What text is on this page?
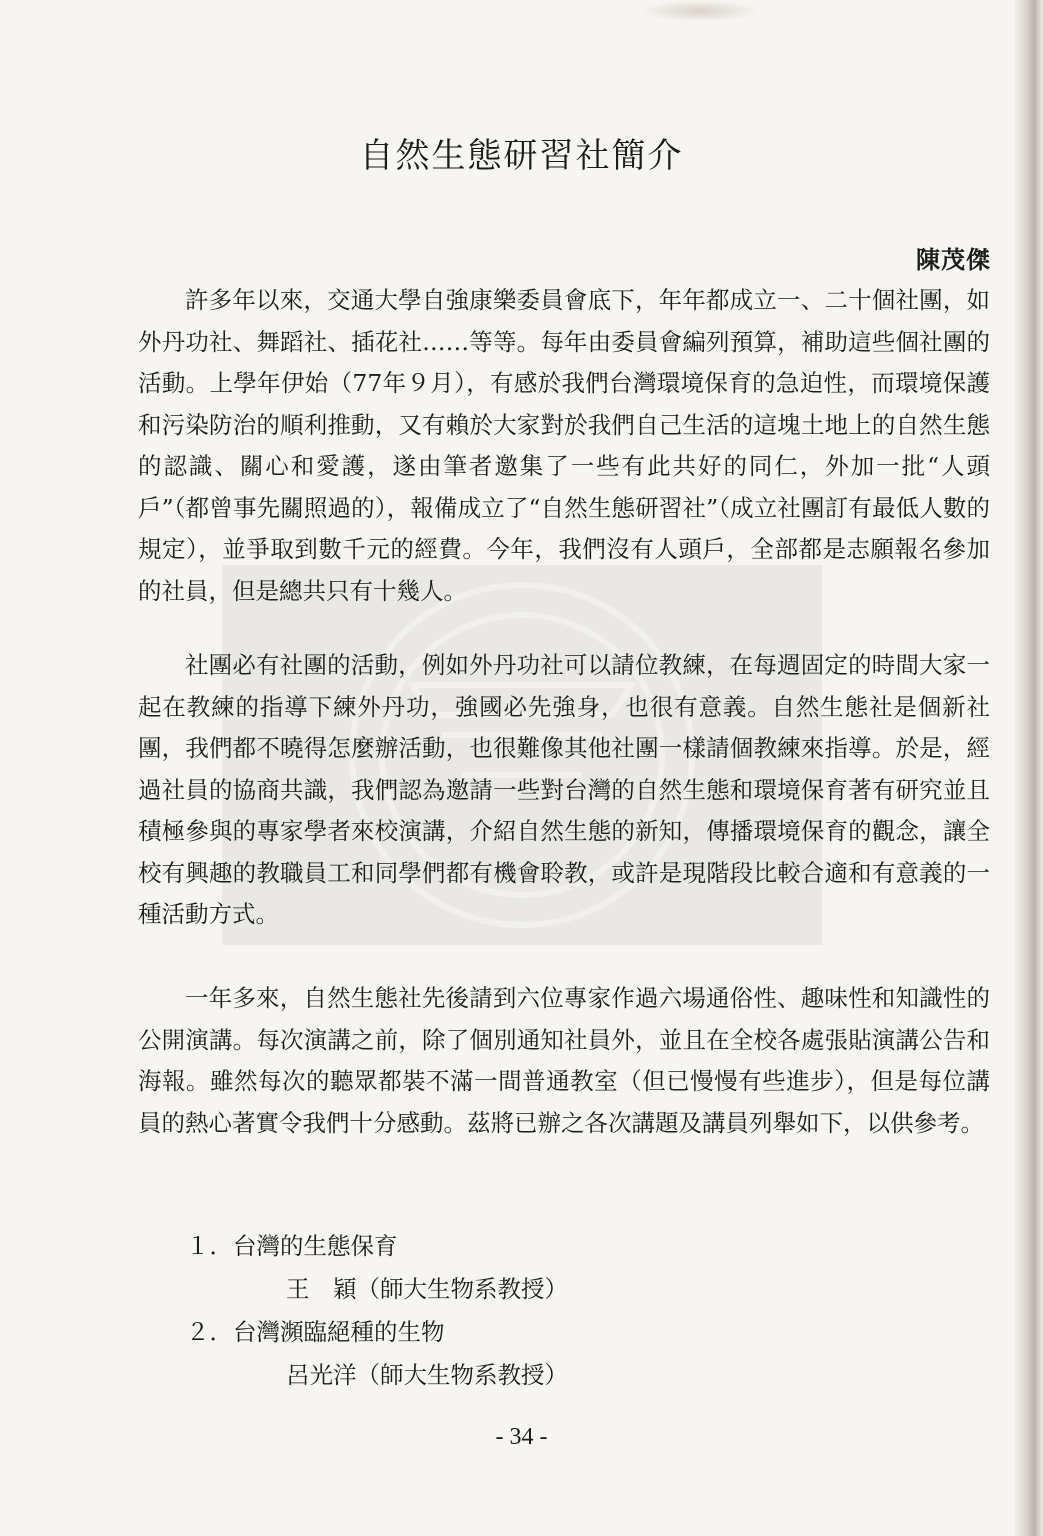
自然生態研習社簡介
陳茂傑

許多年以來，交通大學自強康樂委員會底下，年年都成立一、二十個社團，如外丹功社、舞蹈社、插花社……等等。每年由委員會編列預算，補助這些個社團的活動。上學年伊始（77年９月），有感於我們台灣環境保育的急迫性，而環境保護和污染防治的順利推動，又有賴於大家對於我們自己生活的這塊土地上的自然生態的認識、關心和愛護，遂由筆者邀集了一些有此共好的同仁，外加一批“人頭戶”（都曾事先關照過的），報備成立了“自然生態研習社”（成立社團訂有最低人數的規定），並爭取到數千元的經費。今年，我們沒有人頭戶，全部都是志願報名參加的社員，但是總共只有十幾人。

社團必有社團的活動，例如外丹功社可以請位教練，在每週固定的時間大家一起在教練的指導下練外丹功，強國必先強身，也很有意義。自然生態社是個新社團，我們都不曉得怎麼辦活動，也很難像其他社團一樣請個教練來指導。於是，經過社員的協商共識，我們認為邀請一些對台灣的自然生態和環境保育著有研究並且積極參與的專家學者來校演講，介紹自然生態的新知，傳播環境保育的觀念，讓全校有興趣的教職員工和同學們都有機會聆教，或許是現階段比較合適和有意義的一種活動方式。

一年多來，自然生態社先後請到六位專家作過六場通俗性、趣味性和知識性的公開演講。每次演講之前，除了個別通知社員外，並且在全校各處張貼演講公告和海報。雖然每次的聽眾都裝不滿一間普通教室（但已慢慢有些進步），但是每位講員的熱心著實令我們十分感動。茲將已辦之各次講題及講員列舉如下，以供參考。

１．台灣的生態保育
王　穎（師大生物系教授）
２．台灣瀕臨絕種的生物
呂光洋（師大生物系教授）
- 34 -
